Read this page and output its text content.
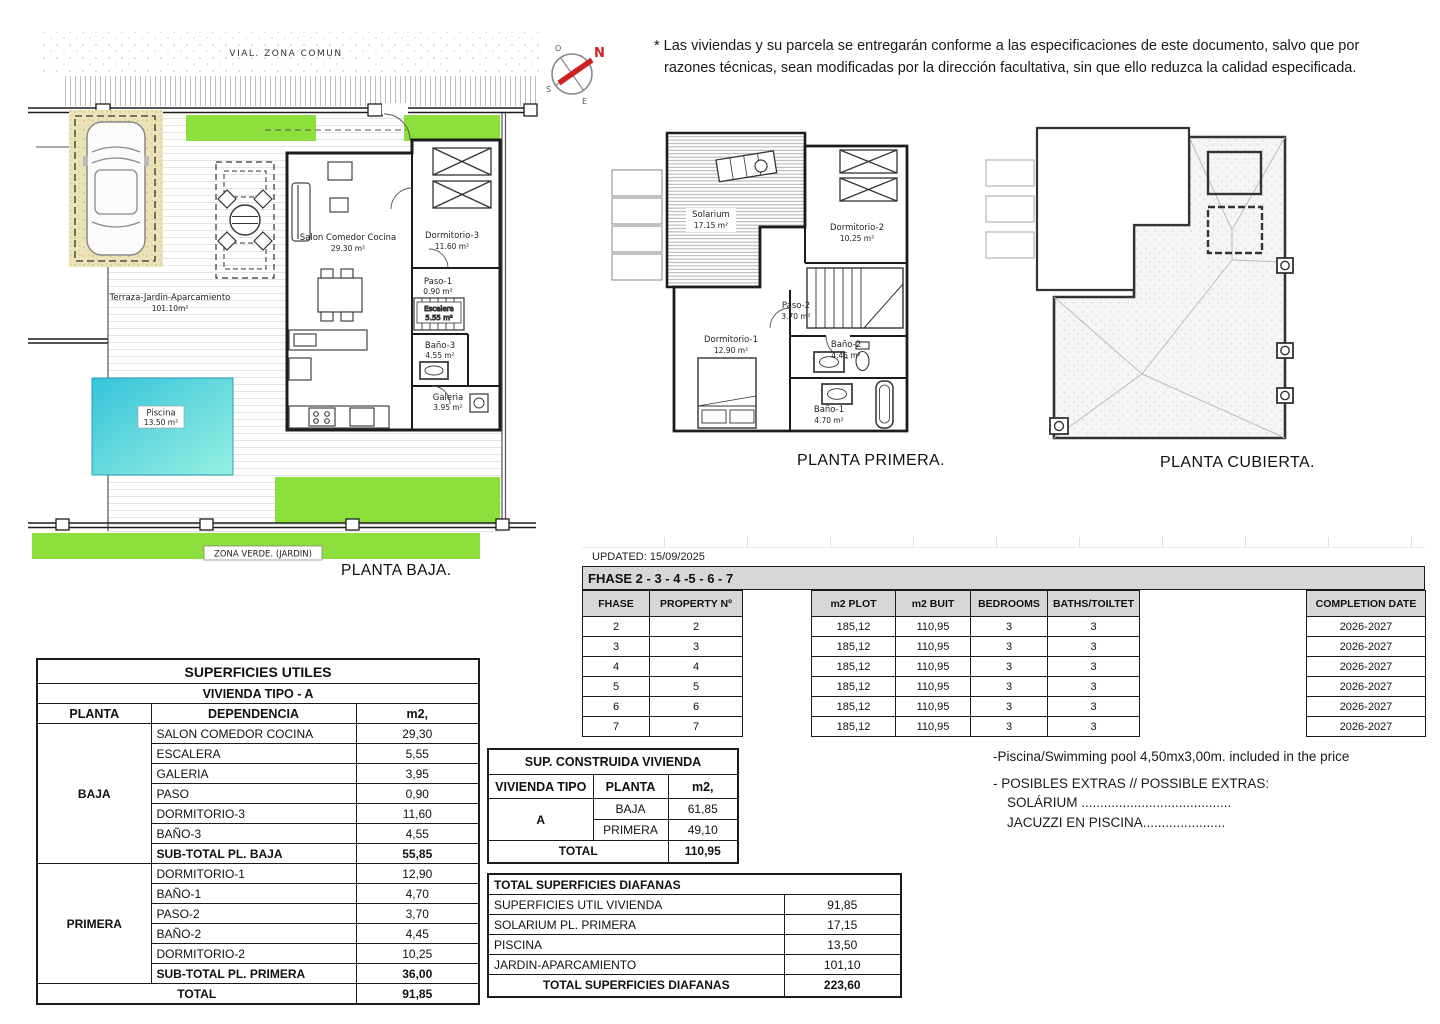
VIAL. ZONA COMUN
Escalera
5.55 m²
Piscina
13.50 m²
ZONA VERDE. (JARDIN)
Terraza-Jardin-Aparcamiento
101.10m²
Salon Comedor Cocina
29.30 m²
Dormitorio-3
11.60 m²
Paso-1
0.90 m²
Baño-3
4.55 m²
Galeria
3.95 m²
PLANTA BAJA.
N
O
S
E
* Las viviendas y su parcela se entregarán conforme a las especificaciones de este documento, salvo que por razones técnicas, sean modificadas por la dirección facultativa, sin que ello reduzca la calidad especificada.
Solarium
17.15 m²	Dormitorio-2
10.25 m²
Paso-2
3.70 m²
Dormitorio-1
12.90 m²
Baño-2
4.45 m²
Baño-1
4.70 m²
PLANTA PRIMERA.	PLANTA CUBIERTA.
UPDATED: 15/09/2025
FHASE 2 - 3 - 4 -5 - 6 - 7
FHASE	PROPERTY Nº		m2 PLOT	m2 BUIT	BEDROOMS	BATHS/TOILTET		COMPLETION DATE
2	2		185,12	110,95	3	3		2026-2027
3	3		185,12	110,95	3	3		2026-2027
4	4		185,12	110,95	3	3		2026-2027
5	5		185,12	110,95	3	3		2026-2027
6	6		185,12	110,95	3	3		2026-2027
7	7		185,12	110,95	3	3		2026-2027
SUPERFICIES UTILES		
VIVIENDA TIPO - A		
PLANTA	DEPENDENCIA	m2,
BAJA	SALON COMEDOR COCINA	29,30
	ESCALERA	5,55
	GALERIA	3,95
	PASO	0,90
	DORMITORIO-3	11,60
	BAÑO-3	4,55
	SUB-TOTAL PL. BAJA	55,85
PRIMERA	DORMITORIO-1	12,90
	BAÑO-1	4,70
	PASO-2	3,70
	BAÑO-2	4,45
	DORMITORIO-2	10,25
	SUB-TOTAL PL. PRIMERA	36,00
TOTAL		91,85
SUP. CONSTRUIDA VIVIENDA		
VIVIENDA TIPO	PLANTA	m2,
A	BAJA	61,85
	PRIMERA	49,10
TOTAL		110,95
TOTAL SUPERFICIES DIAFANAS	
SUPERFICIES UTIL VIVIENDA	91,85
SOLARIUM PL. PRIMERA	17,15
PISCINA	13,50
JARDIN-APARCAMIENTO	101,10
TOTAL SUPERFICIES DIAFANAS	223,60
-Piscina/Swimming pool 4,50mx3,00m. included in the price
- POSIBLES EXTRAS // POSSIBLE EXTRAS:
SOLÁRIUM ........................................
JACUZZI EN PISCINA......................
